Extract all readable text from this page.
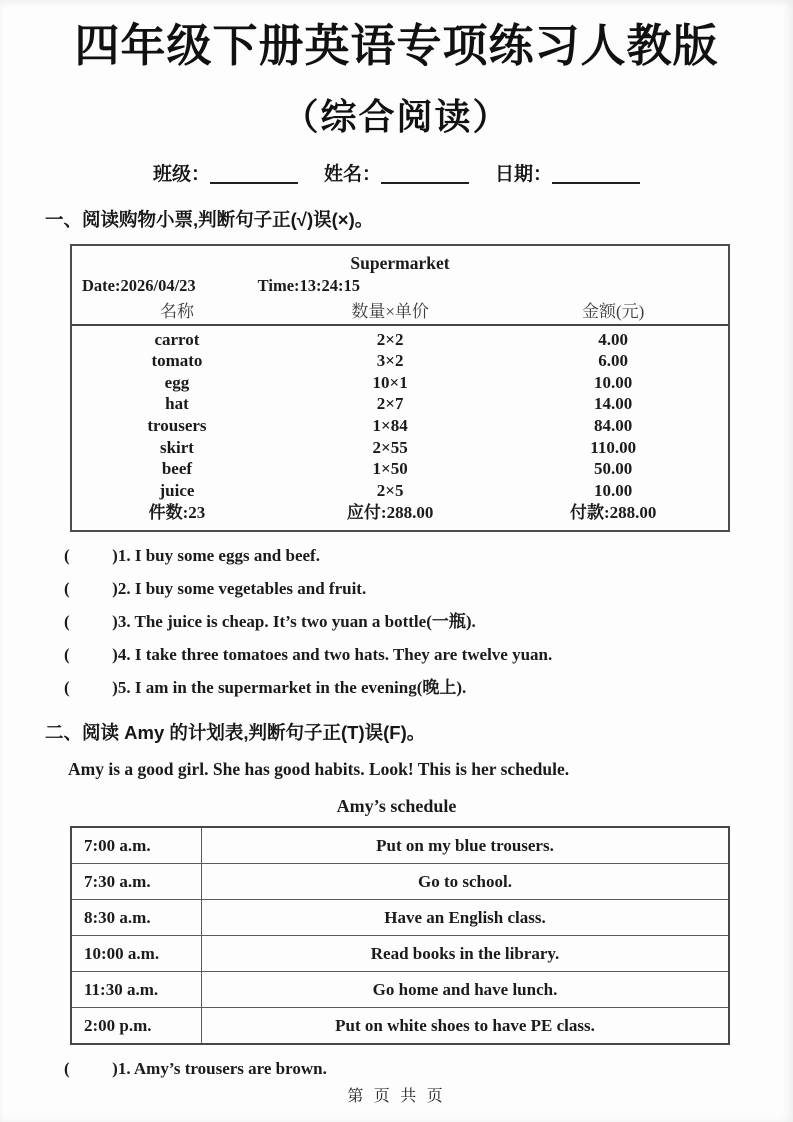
四年级下册英语专项练习人教版
（综合阅读）
班级：	姓名：	日期：
一、阅读购物小票,判断句子正(√)误(×)。
Supermarket
Date:2026/04/23	Time:13:24:15
名称	数量×单价	金额(元)
carrot	2×2	4.00
tomato	3×2	6.00
egg	10×1	10.00
hat	2×7	14.00
trousers	1×84	84.00
skirt	2×55	110.00
beef	1×50	50.00
juice	2×5	10.00
件数:23	应付:288.00	付款:288.00
(          )1. I buy some eggs and beef.
(          )2. I buy some vegetables and fruit.
(          )3. The juice is cheap. It’s two yuan a bottle(一瓶).
(          )4. I take three tomatoes and two hats. They are twelve yuan.
(          )5. I am in the supermarket in the evening(晚上).
二、阅读 Amy 的计划表,判断句子正(T)误(F)。
Amy is a good girl. She has good habits. Look! This is her schedule.
Amy’s schedule
7:00 a.m.	Put on my blue trousers.
7:30 a.m.	Go to school.
8:30 a.m.	Have an English class.
10:00 a.m.	Read books in the library.
11:30 a.m.	Go home and have lunch.
2:00 p.m.	Put on white shoes to have PE class.
(          )1. Amy’s trousers are brown.
第 页 共 页
